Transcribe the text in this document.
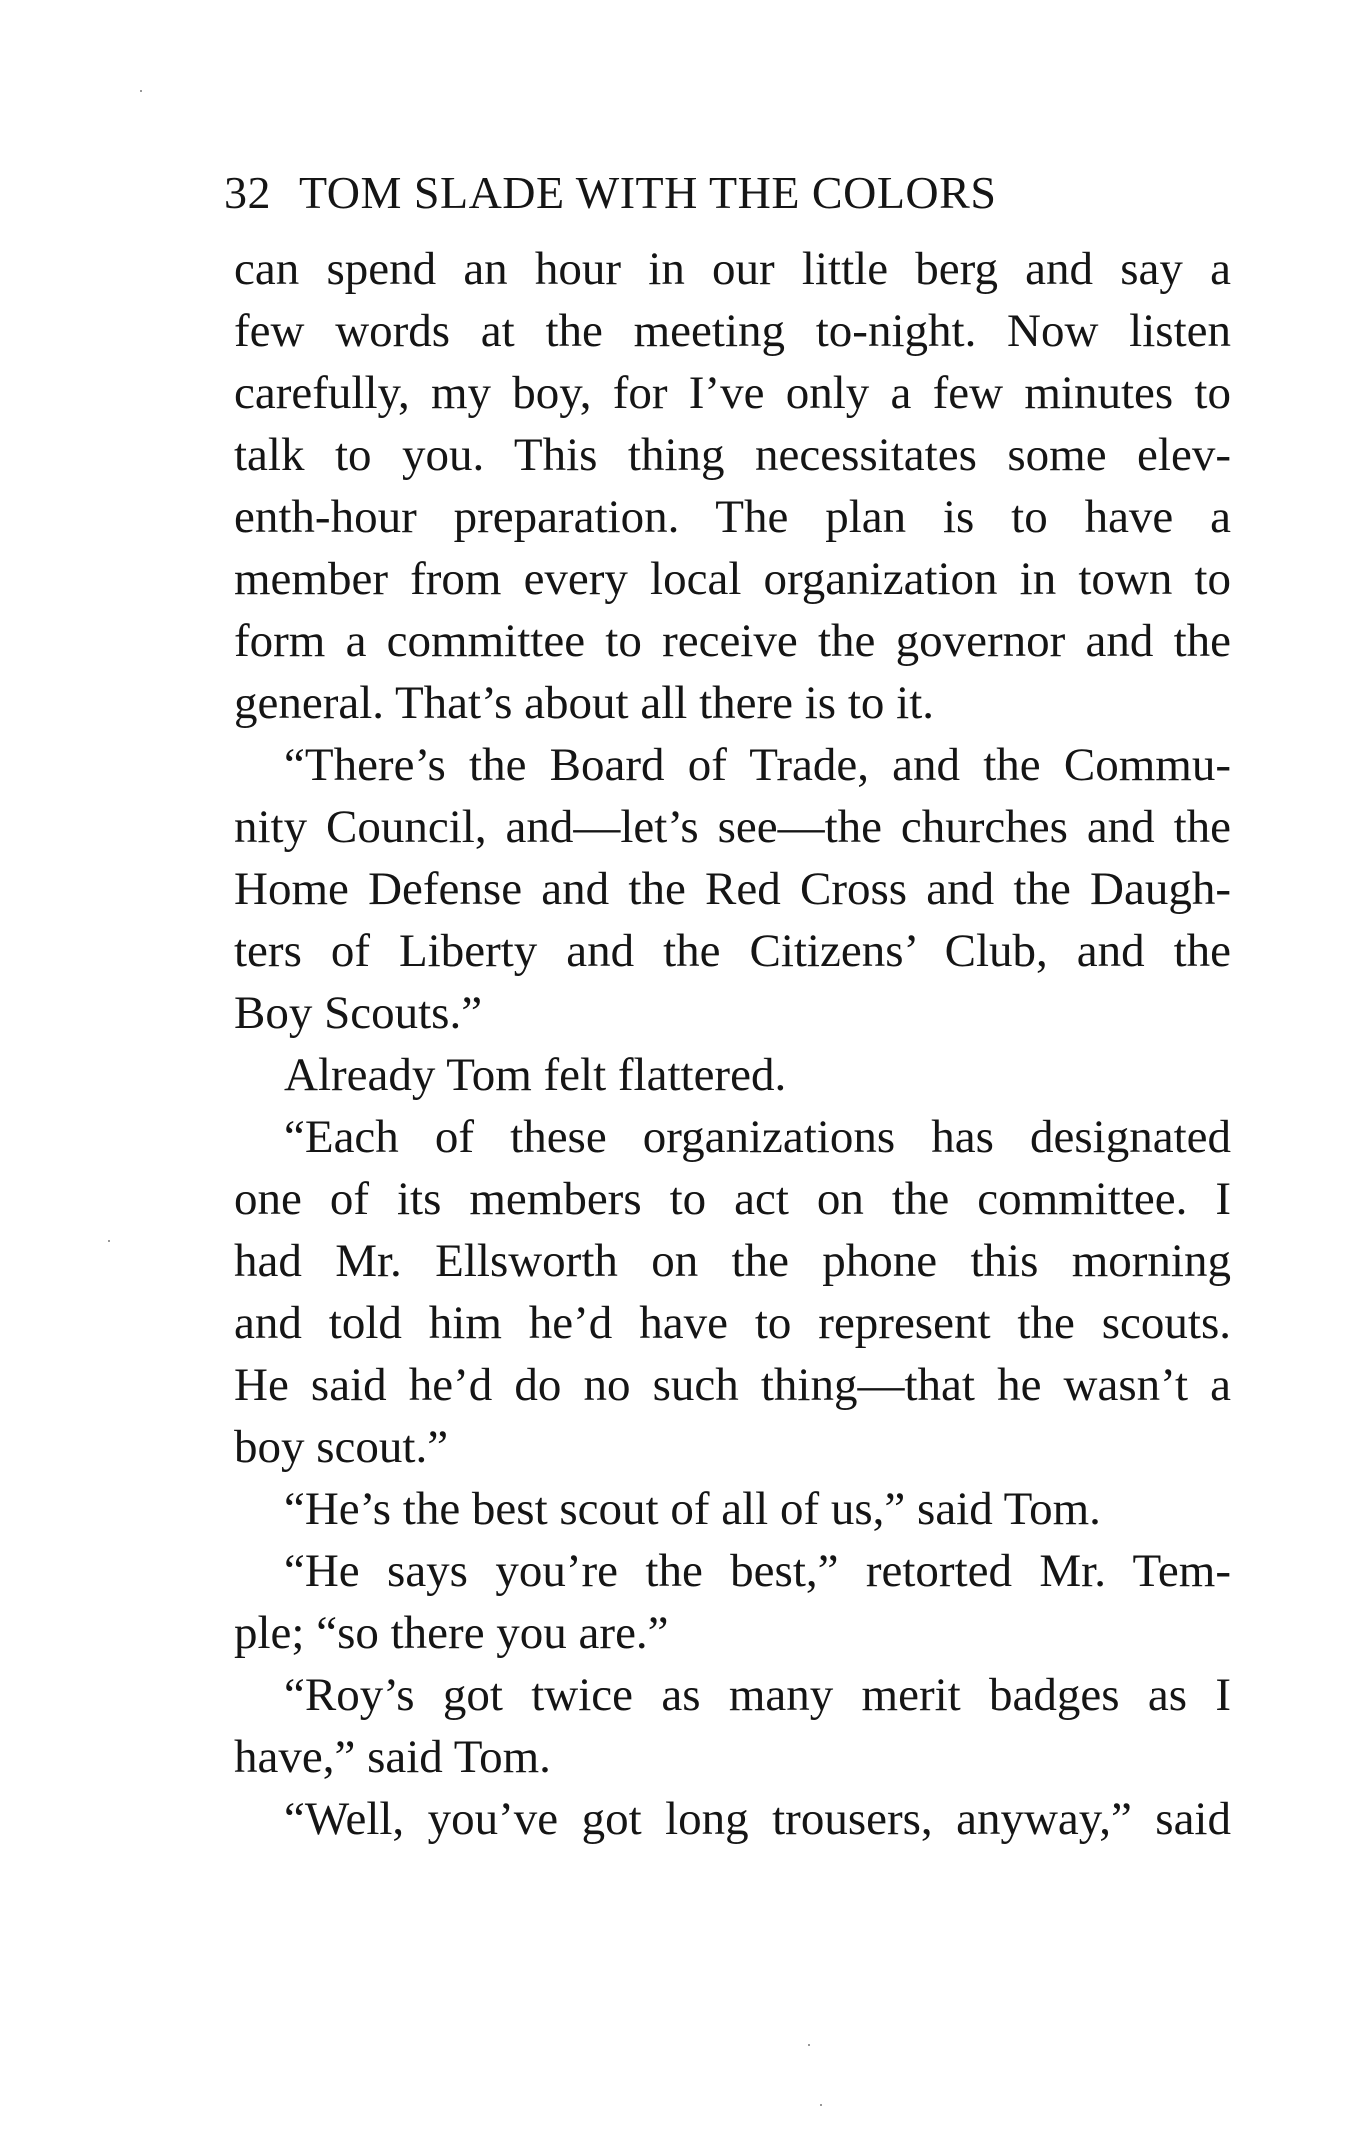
32 TOM SLADE WITH THE COLORS
can spend an hour in our little berg and say a
few words at the meeting to-night. Now listen
carefully, my boy, for I’ve only a few minutes to
talk to you. This thing necessitates some elev-
enth-hour preparation. The plan is to have a
member from every local organization in town to
form a committee to receive the governor and the
general. That’s about all there is to it.
“There’s the Board of Trade, and the Commu-
nity Council, and—let’s see—the churches and the
Home Defense and the Red Cross and the Daugh-
ters of Liberty and the Citizens’ Club, and the
Boy Scouts.”
Already Tom felt flattered.
“Each of these organizations has designated
one of its members to act on the committee. I
had Mr. Ellsworth on the phone this morning
and told him he’d have to represent the scouts.
He said he’d do no such thing—that he wasn’t a
boy scout.”
“He’s the best scout of all of us,” said Tom.
“He says you’re the best,” retorted Mr. Tem-
ple; “so there you are.”
“Roy’s got twice as many merit badges as I
have,” said Tom.
“Well, you’ve got long trousers, anyway,” said
